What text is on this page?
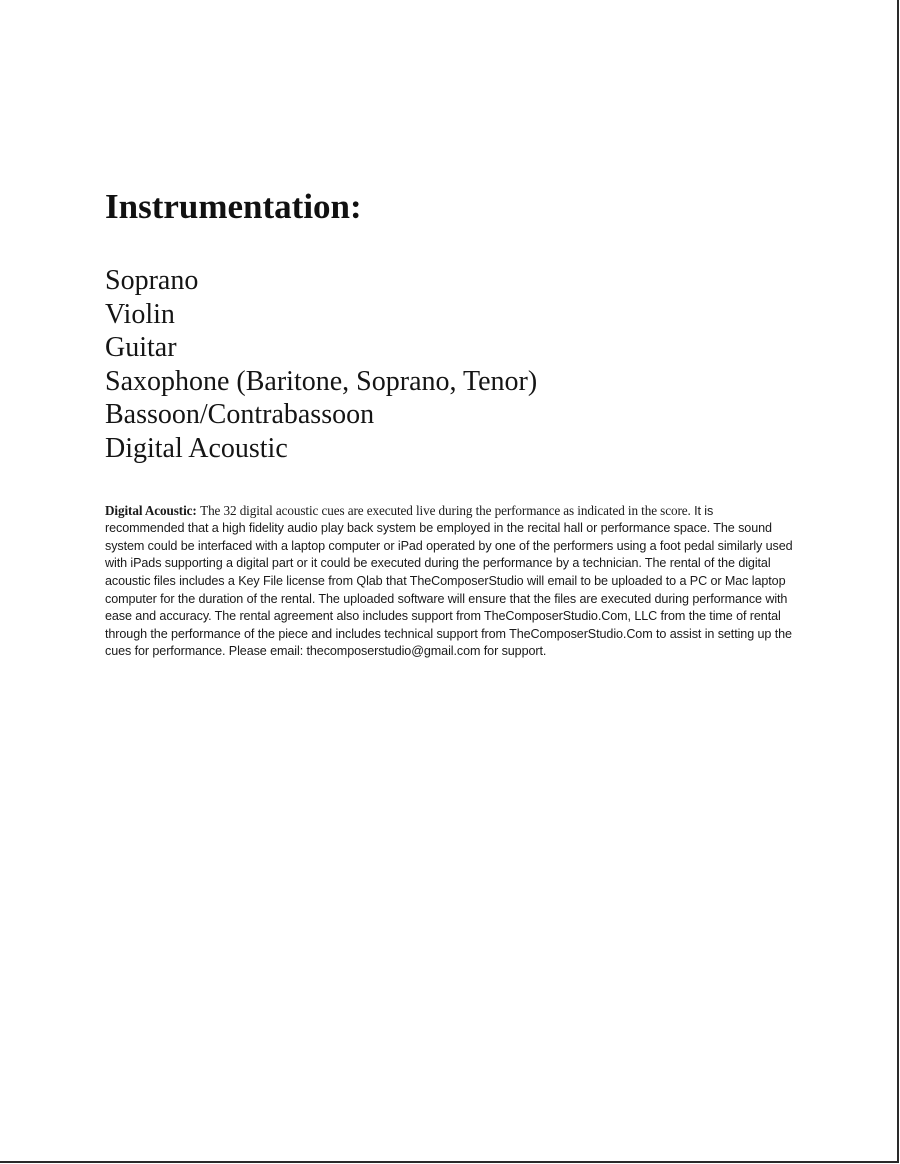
Instrumentation:
Soprano
Violin
Guitar
Saxophone (Baritone, Soprano, Tenor)
Bassoon/Contrabassoon
Digital Acoustic

Digital Acoustic: The 32 digital acoustic cues are executed live during the performance as indicated in the score. It is recommended that a high fidelity audio play back system be employed in the recital hall or performance space. The sound system could be interfaced with a laptop computer or iPad operated by one of the performers using a foot pedal similarly used with iPads supporting a digital part or it could be executed during the performance by a technician. The rental of the digital acoustic files includes a Key File license from Qlab that TheComposerStudio will email to be uploaded to a PC or Mac laptop computer for the duration of the rental. The uploaded software will ensure that the files are executed during performance with ease and accuracy. The rental agreement also includes support from TheComposerStudio.Com, LLC from the time of rental through the performance of the piece and includes technical support from TheComposerStudio.Com to assist in setting up the cues for performance. Please email: thecomposerstudio@gmail.com for support.
